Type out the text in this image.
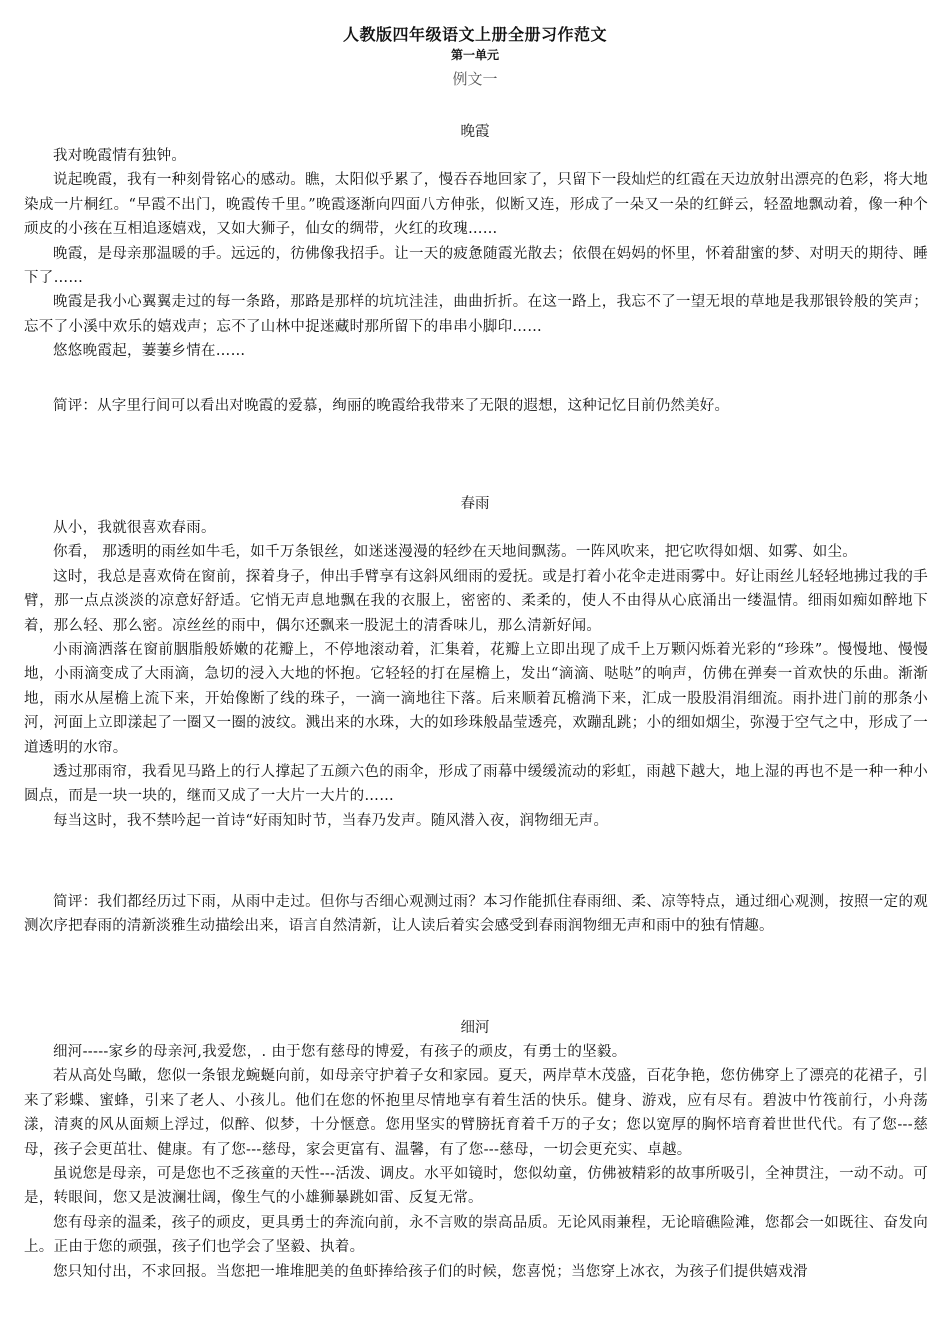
人教版四年级语文上册全册习作范文
第一单元
例文一
晚霞

我对晚霞情有独钟。

说起晚霞，我有一种刻骨铭心的感动。瞧，太阳似乎累了，慢吞吞地回家了，只留下一段灿烂的红霞在天边放射出漂亮的色彩，将大地染成一片桐红。“早霞不出门，晚霞传千里。”晚霞逐渐向四面八方伸张，似断又连，形成了一朵又一朵的红鲜云，轻盈地飘动着，像一种个顽皮的小孩在互相追逐嬉戏，又如大狮子，仙女的绸带，火红的玫瑰……

晚霞，是母亲那温暖的手。远远的，彷佛像我招手。让一天的疲惫随霞光散去；依偎在妈妈的怀里，怀着甜蜜的梦、对明天的期待、睡下了……

晚霞是我小心翼翼走过的每一条路，那路是那样的坑坑洼洼，曲曲折折。在这一路上，我忘不了一望无垠的草地是我那银铃般的笑声；忘不了小溪中欢乐的嬉戏声；忘不了山林中捉迷藏时那所留下的串串小脚印……

悠悠晚霞起，萋萋乡情在……

简评：从字里行间可以看出对晚霞的爱慕，绚丽的晚霞给我带来了无限的遐想，这种记忆目前仍然美好。
春雨

从小，我就很喜欢春雨。

你看， 那透明的雨丝如牛毛，如千万条银丝，如迷迷漫漫的轻纱在天地间飘荡。一阵风吹来，把它吹得如烟、如雾、如尘。

这时，我总是喜欢倚在窗前，探着身子，伸出手臂享有这斜风细雨的爱抚。或是打着小花伞走进雨雾中。好让雨丝儿轻轻地拂过我的手臂，那一点点淡淡的凉意好舒适。它悄无声息地飘在我的衣服上，密密的、柔柔的，使人不由得从心底涌出一缕温情。细雨如痴如醉地下着，那么轻、那么密。凉丝丝的雨中，偶尔还飘来一股泥土的清香味儿，那么清新好闻。

小雨滴洒落在窗前胭脂般娇嫩的花瓣上，不停地滚动着，汇集着，花瓣上立即出现了成千上万颗闪烁着光彩的“珍珠”。慢慢地、慢慢地，小雨滴变成了大雨滴，急切的浸入大地的怀抱。它轻轻的打在屋檐上，发出“滴滴、哒哒”的响声，仿佛在弹奏一首欢快的乐曲。渐渐地，雨水从屋檐上流下来，开始像断了线的珠子，一滴一滴地往下落。后来顺着瓦檐淌下来，汇成一股股涓涓细流。雨扑进门前的那条小河，河面上立即漾起了一圈又一圈的波纹。溅出来的水珠，大的如珍珠般晶莹透亮，欢蹦乱跳；小的细如烟尘，弥漫于空气之中，形成了一道透明的水帘。

透过那雨帘，我看见马路上的行人撑起了五颜六色的雨伞，形成了雨幕中缓缓流动的彩虹，雨越下越大，地上湿的再也不是一种一种小圆点，而是一块一块的，继而又成了一大片一大片的……

每当这时，我不禁吟起一首诗“好雨知时节，当春乃发声。随风潜入夜，润物细无声。

简评：我们都经历过下雨，从雨中走过。但你与否细心观测过雨？本习作能抓住春雨细、柔、凉等特点，通过细心观测，按照一定的观测次序把春雨的清新淡雅生动描绘出来，语言自然清新，让人读后着实会感受到春雨润物细无声和雨中的独有情趣。
细河

细河-----家乡的母亲河,我爱您，. 由于您有慈母的博爱，有孩子的顽皮，有勇士的坚毅。

若从高处鸟瞰，您似一条银龙蜿蜒向前，如母亲守护着子女和家园。夏天，两岸草木茂盛，百花争艳，您仿佛穿上了漂亮的花裙子，引来了彩蝶、蜜蜂，引来了老人、小孩儿。他们在您的怀抱里尽情地享有着生活的快乐。健身、游戏，应有尽有。碧波中竹筏前行，小舟荡漾，清爽的风从面颊上浮过，似醉、似梦，十分惬意。您用坚实的臂膀抚育着千万的子女；您以宽厚的胸怀培育着世世代代。有了您---慈母，孩子会更茁壮、健康。有了您---慈母，家会更富有、温馨，有了您---慈母，一切会更充实、卓越。

虽说您是母亲，可是您也不乏孩童的天性---活泼、调皮。水平如镜时，您似幼童，仿佛被精彩的故事所吸引，全神贯注，一动不动。可是，转眼间，您又是波澜壮阔，像生气的小雄狮暴跳如雷、反复无常。

您有母亲的温柔，孩子的顽皮，更具勇士的奔流向前，永不言败的崇高品质。无论风雨兼程，无论暗礁险滩，您都会一如既往、奋发向上。正由于您的顽强，孩子们也学会了坚毅、执着。

您只知付出，不求回报。当您把一堆堆肥美的鱼虾捧给孩子们的时候，您喜悦；当您穿上冰衣，为孩子们提供嬉戏滑
